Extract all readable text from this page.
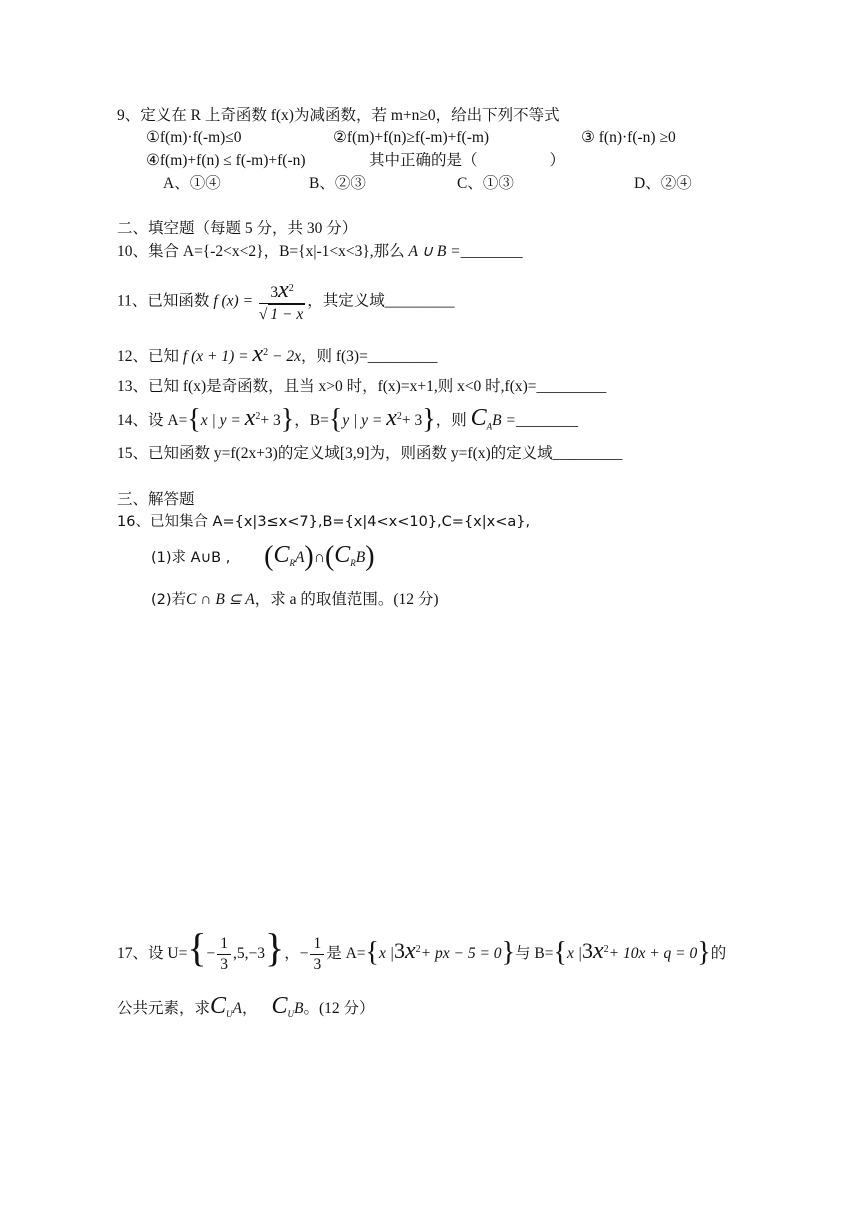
9、定义在 R 上奇函数 f(x)为减函数，若 m+n≥0，给出下列不等式
①f(m)·f(-m)≤0	②f(m)+f(n)≥f(-m)+f(-m)	③ f(n)·f(-n) ≥0
④f(m)+f(n) ≤ f(-m)+f(-n)	其中正确的是（	）
A、①④	B、②③	C、①③	D、②④
二、填空题（每题 5 分，共 30 分）
10、集合 A={-2<x<2}，B={x|-1<x<3},那么 A ∪ B =________
11、已知函数 f $(x) = \frac{3x^2}{√ 1 - x}$ ，其定义域_________
12、已知 f $(x + 1) = x^2 - 2x$，则 f(3)=_________
13、已知 f(x)是奇函数，且当 x>0 时，f(x)=x+1,则 x<0 时,f(x)=_________
14、设 A={x | $y = x^2+ 3$}，B={y | $y = x^2+ 3$}，则 $C_AB$ =________
15、已知函数 y=f(2x+3)的定义域[3,9]为，则函数 y=f(x)的定义域_________
三、解答题
16、已知集合 A={x|3≤x<7},B={x|4<x<10},C={x|x<a},
(1)求 A∪B , $(C_RA)\cap(C_RB)$
(2)若C ∩ B ⊆ A，求 a 的取值范围。(12 分)
17、设 $U=\{- \frac{1}{3} ,5,-3\}$，− $\frac{1}{3}$ 是 A={x $|3x^2+$ px − 5 = 0}与 B={x $|3x^2+ 10x + q = 0$}的
公共元素，求$C_UA$， $C_UB$。(12 分）
